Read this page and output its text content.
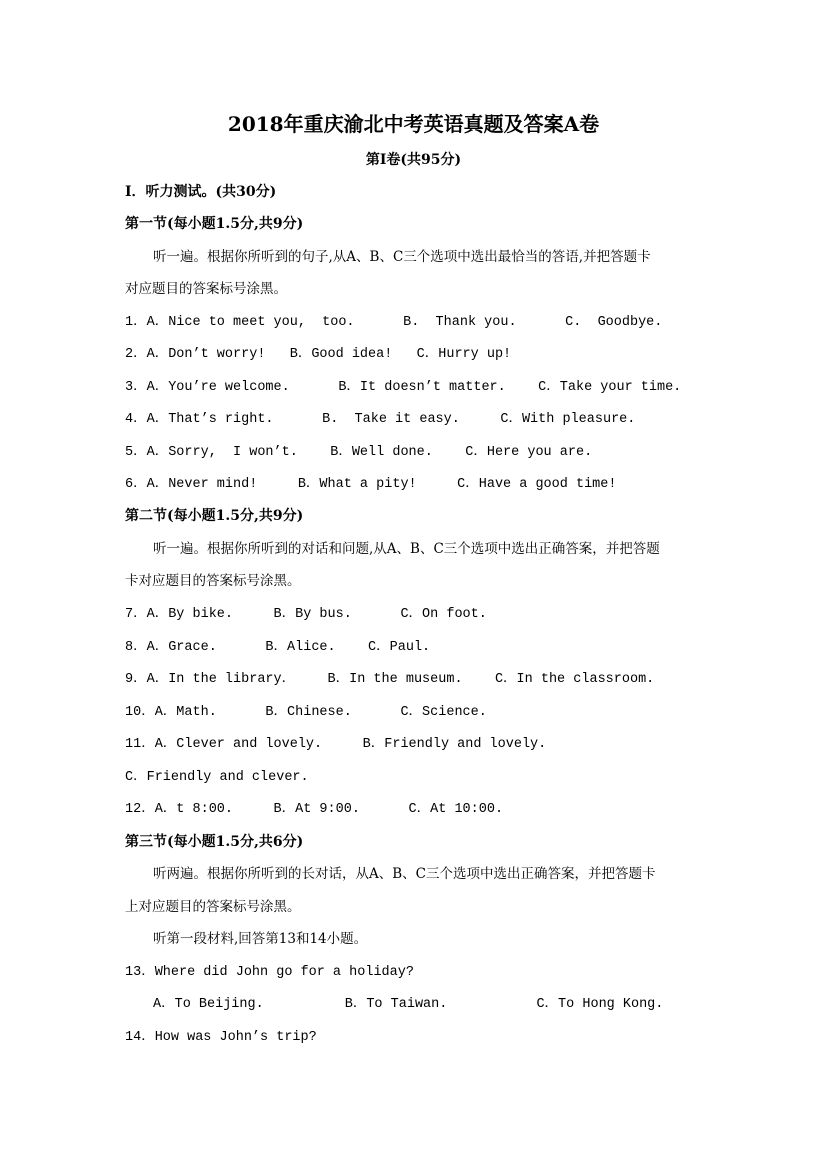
2018年重庆渝北中考英语真题及答案A卷
第Ⅰ卷(共95分)
Ⅰ．听力测试。(共30分)
第一节(每小题1.5分,共9分)
听一遍。根据你所听到的句子,从A、B、C三个选项中选出最恰当的答语,并把答题卡
对应题目的答案标号涂黑。
1．A．Nice to meet you,  too.      B.  Thank you.      C.  Goodbye.
2．A．Don’t worry!   B．Good idea!   C．Hurry up!
3．A．You’re welcome.      B．It doesn’t matter.    C．Take your time.
4．A．That’s right.      B.  Take it easy.     C．With pleasure.
5．A．Sorry,  I won’t.    B．Well done.    C．Here you are.
6．A．Never mind!     B．What a pity!     C．Have a good time!
第二节(每小题1.5分,共9分)
听一遍。根据你所听到的对话和问题,从A、B、C三个选项中选出正确答案，并把答题
卡对应题目的答案标号涂黑。
7．A．By bike.     B．By bus.      C．On foot.
8．A．Grace.      B．Alice.    C．Paul.
9．A．In the library．    B．In the museum.    C．In the classroom.
10．A．Math.      B．Chinese.      C．Science.
11．A．Clever and lovely.     B．Friendly and lovely.
C．Friendly and clever.
12．A．t 8:00.     B．At 9:00.      C．At 10:00.
第三节(每小题1.5分,共6分)
听两遍。根据你所听到的长对话，从A、B、C三个选项中选出正确答案，并把答题卡
上对应题目的答案标号涂黑。
听第一段材料,回答第13和14小题。
13．Where did John go for a holiday?
A．To Beijing.          B．To Taiwan.           C．To Hong Kong.
14．How was John’s trip?
